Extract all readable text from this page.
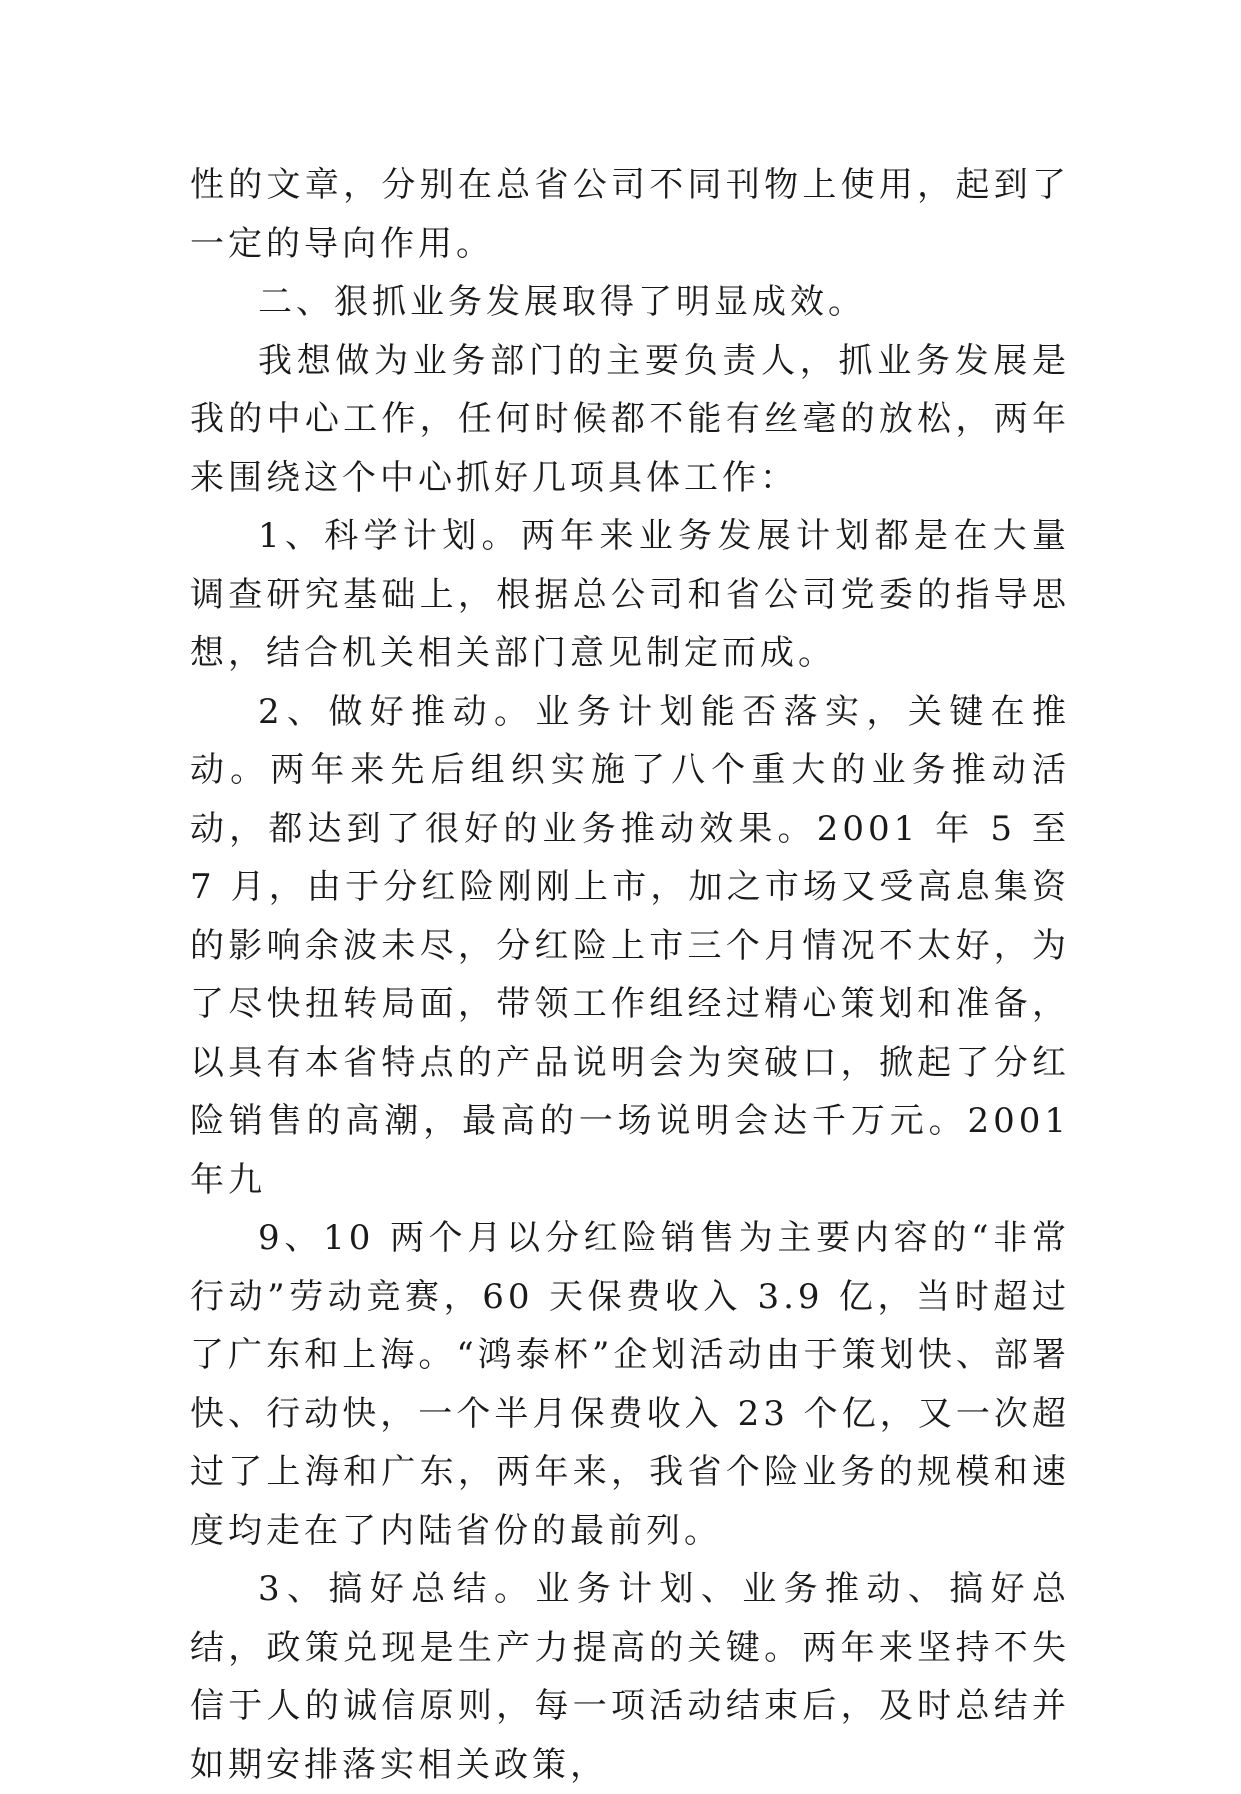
性的文章，分别在总省公司不同刊物上使用，起到了一定的导向作用。

二、狠抓业务发展取得了明显成效。

我想做为业务部门的主要负责人，抓业务发展是我的中心工作，任何时候都不能有丝毫的放松，两年来围绕这个中心抓好几项具体工作：

1、科学计划。两年来业务发展计划都是在大量调查研究基础上，根据总公司和省公司党委的指导思想，结合机关相关部门意见制定而成。

2、做好推动。业务计划能否落实，关键在推动。两年来先后组织实施了八个重大的业务推动活动，都达到了很好的业务推动效果。2001 年 5 至 7 月，由于分红险刚刚上市，加之市场又受高息集资的影响余波未尽，分红险上市三个月情况不太好，为了尽快扭转局面，带领工作组经过精心策划和准备，以具有本省特点的产品说明会为突破口，掀起了分红险销售的高潮，最高的一场说明会达千万元。2001 年九

9、10 两个月以分红险销售为主要内容的“非常行动”劳动竞赛，60 天保费收入 3.9 亿，当时超过了广东和上海。“鸿泰杯”企划活动由于策划快、部署快、行动快，一个半月保费收入 23 个亿，又一次超过了上海和广东，两年来，我省个险业务的规模和速度均走在了内陆省份的最前列。

3、搞好总结。业务计划、业务推动、搞好总结，政策兑现是生产力提高的关键。两年来坚持不失信于人的诚信原则，每一项活动结束后，及时总结并如期安排落实相关政策，
